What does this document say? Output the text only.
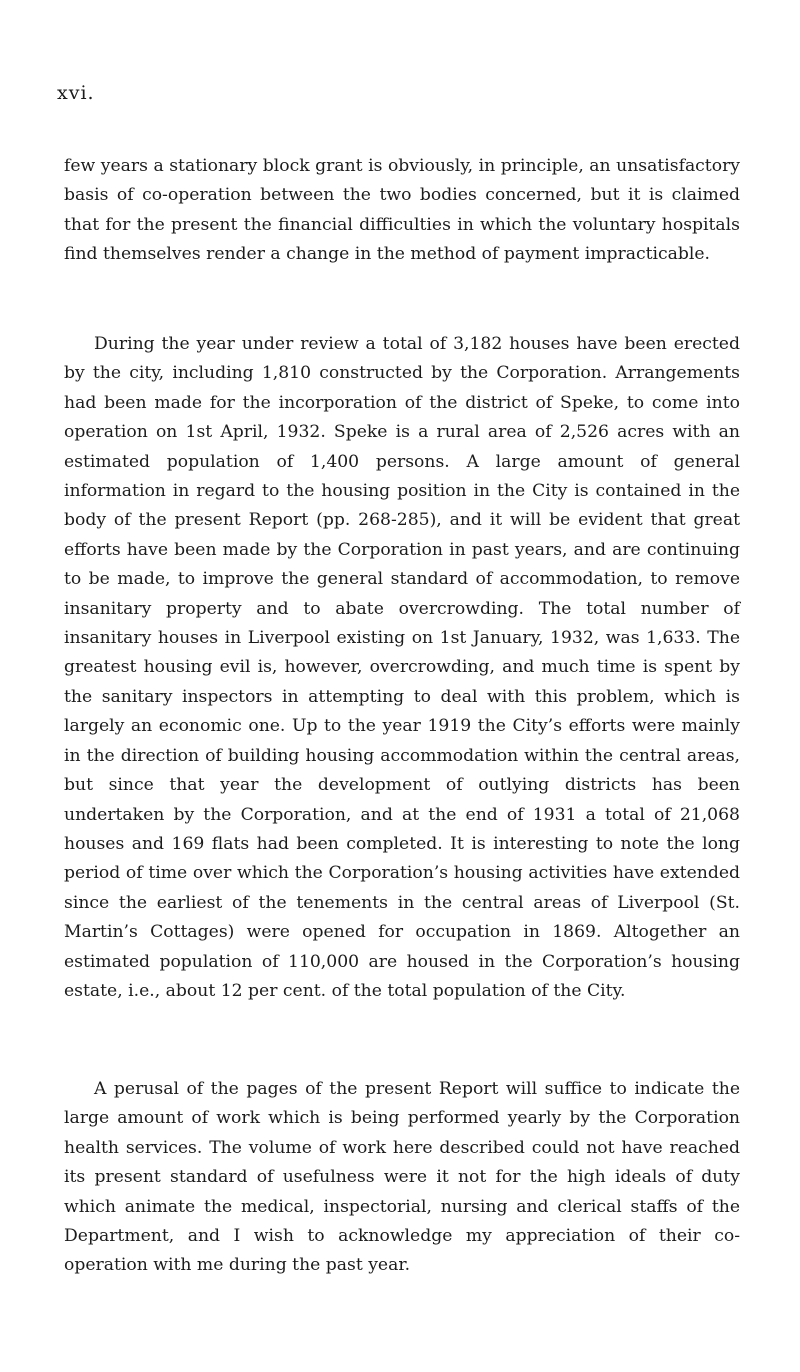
xvi.

few years a stationary block grant is obviously, in principle, an unsatisfactory basis of co-operation between the two bodies concerned, but it is claimed that for the present the financial difficulties in which the voluntary hospitals find themselves render a change in the method of payment impracticable.

During the year under review a total of 3,182 houses have been erected by the city, including 1,810 constructed by the Corporation. Arrangements had been made for the incorporation of the district of Speke, to come into operation on 1st April, 1932. Speke is a rural area of 2,526 acres with an estimated population of 1,400 persons. A large amount of general information in regard to the housing position in the City is contained in the body of the present Report (pp. 268-285), and it will be evident that great efforts have been made by the Corporation in past years, and are continuing to be made, to improve the general standard of accommodation, to remove insanitary property and to abate overcrowding. The total number of insanitary houses in Liverpool existing on 1st January, 1932, was 1,633. The greatest housing evil is, however, overcrowding, and much time is spent by the sanitary inspectors in attempting to deal with this problem, which is largely an economic one. Up to the year 1919 the City’s efforts were mainly in the direction of building housing accommodation within the central areas, but since that year the development of outlying districts has been undertaken by the Corporation, and at the end of 1931 a total of 21,068 houses and 169 flats had been completed. It is interesting to note the long period of time over which the Corporation’s housing activities have extended since the earliest of the tenements in the central areas of Liverpool (St. Martin’s Cottages) were opened for occupation in 1869. Altogether an estimated population of 110,000 are housed in the Corporation’s housing estate, i.e., about 12 per cent. of the total population of the City.

A perusal of the pages of the present Report will suffice to indicate the large amount of work which is being performed yearly by the Corporation health services. The volume of work here described could not have reached its present standard of usefulness were it not for the high ideals of duty which animate the medical, inspectorial, nursing and clerical staffs of the Department, and I wish to acknowledge my appreciation of their co-operation with me during the past year.
